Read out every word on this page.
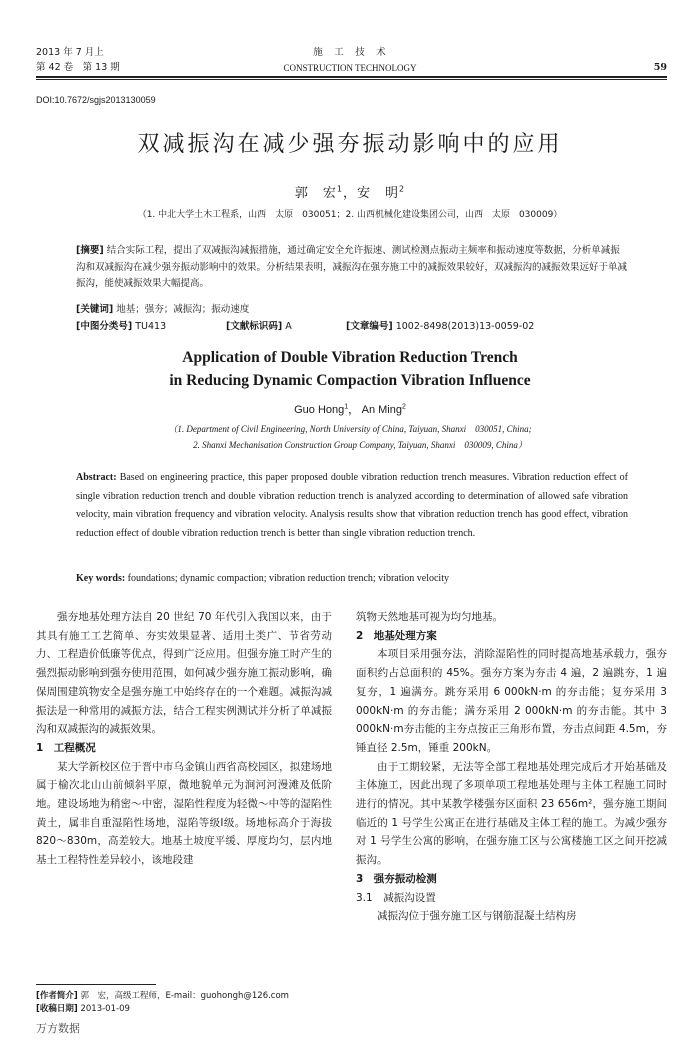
2013 年 7 月上
第 42 卷　第 13 期
施　工　技　术
CONSTRUCTION TECHNOLOGY	59
DOI:10.7672/sgjs2013130059
双减振沟在减少强夯振动影响中的应用
郭　宏$^1$，安　明$^2$
（1. 中北大学土木工程系，山西　太原　030051；2. 山西机械化建设集团公司，山西　太原　030009）
[摘要] 结合实际工程，提出了双减振沟减振措施，通过确定安全允许振速、测试检测点振动主频率和振动速度等数据，分析单减振沟和双减振沟在减少强夯振动影响中的效果。分析结果表明，减振沟在强夯施工中的减振效果较好，双减振沟的减振效果远好于单减振沟，能使减振效果大幅提高。
[关键词] 地基；强夯；减振沟；振动速度
[中图分类号] TU413	[文献标识码] A	[文章编号] 1002-8498(2013)13-0059-02
Application of Double Vibration Reduction Trench
in Reducing Dynamic Compaction Vibration Influence
Guo Hong$^1$， An Ming$^2$
（1. Department of Civil Engineering, North University of China, Taiyuan, Shanxi　030051, China;
2. Shanxi Mechanisation Construction Group Company, Taiyuan, Shanxi　030009, China）
Abstract: Based on engineering practice, this paper proposed double vibration reduction trench measures. Vibration reduction effect of single vibration reduction trench and double vibration reduction trench is analyzed according to determination of allowed safe vibration velocity, main vibration frequency and vibration velocity. Analysis results show that vibration reduction trench has good effect, vibration reduction effect of double vibration reduction trench is better than single vibration reduction trench.
Key words: foundations; dynamic compaction; vibration reduction trench; vibration velocity

强夯地基处理方法自 20 世纪 70 年代引入我国以来，由于其具有施工工艺简单、夯实效果显著、适用土类广、节省劳动力、工程造价低廉等优点，得到广泛应用。但强夯施工时产生的强烈振动影响到强夯使用范围，如何减少强夯施工振动影响，确保周围建筑物安全是强夯施工中始终存在的一个难题。减振沟减振法是一种常用的减振方法，结合工程实例测试并分析了单减振沟和双减振沟的减振效果。

1　工程概况

某大学新校区位于晋中市乌金镇山西省高校园区，拟建场地属于榆次北山山前倾斜平原，微地貌单元为涧河河漫滩及低阶地。建设场地为稍密～中密，湿陷性程度为轻微～中等的湿陷性黄土，属非自重湿陷性场地，湿陷等级Ⅰ级。场地标高介于海拔 820～830m，高差较大。地基土坡度平缓、厚度均匀，层内地基土工程特性差异较小，该地段建

[作者简介] 郭　宏，高级工程师，E-mail：guohongh@126.com
[收稿日期] 2013-01-09
筑物天然地基可视为均匀地基。
2　地基处理方案

本项目采用强夯法，消除湿陷性的同时提高地基承载力，强夯面积约占总面积的 45%。强夯方案为夯击 4 遍，2 遍跳夯，1 遍复夯，1 遍满夯。跳夯采用 6 000kN·m 的夯击能；复夯采用 3 000kN·m 的夯击能；满夯采用 2 000kN·m 的夯击能。其中 3 000kN·m夯击能的主夯点按正三角形布置，夯击点间距 4.5m，夯锤直径 2.5m，锤重 200kN。

由于工期较紧，无法等全部工程地基处理完成后才开始基础及主体施工，因此出现了多项单项工程地基处理与主体工程施工同时进行的情况。其中某教学楼强夯区面积 23 656m²，强夯施工期间临近的 1 号学生公寓正在进行基础及主体工程的施工。为减少强夯对 1 号学生公寓的影响，在强夯施工区与公寓楼施工区之间开挖减振沟。

3　强夯振动检测
3.1　减振沟设置

减振沟位于强夯施工区与钢筋混凝土结构房

万方数据
